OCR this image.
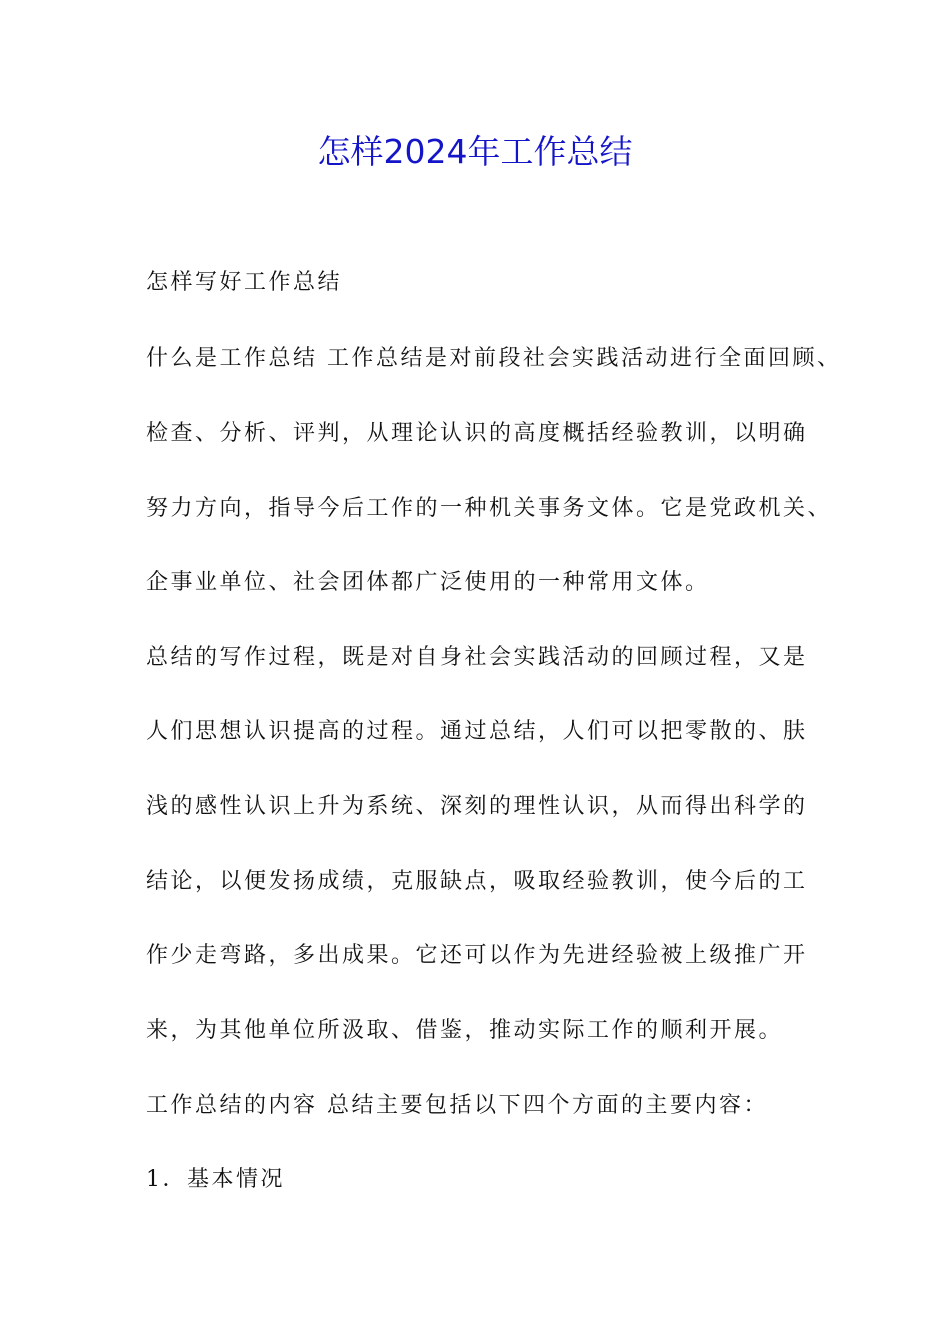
怎样2024年工作总结
怎样写好工作总结
什么是工作总结 工作总结是对前段社会实践活动进行全面回顾、
检查、分析、评判，从理论认识的高度概括经验教训，以明确
努力方向，指导今后工作的一种机关事务文体。它是党政机关、
企事业单位、社会团体都广泛使用的一种常用文体。
总结的写作过程，既是对自身社会实践活动的回顾过程，又是
人们思想认识提高的过程。通过总结，人们可以把零散的、肤
浅的感性认识上升为系统、深刻的理性认识，从而得出科学的
结论，以便发扬成绩，克服缺点，吸取经验教训，使今后的工
作少走弯路，多出成果。它还可以作为先进经验被上级推广开
来，为其他单位所汲取、借鉴，推动实际工作的顺利开展。
工作总结的内容 总结主要包括以下四个方面的主要内容：
1．基本情况
